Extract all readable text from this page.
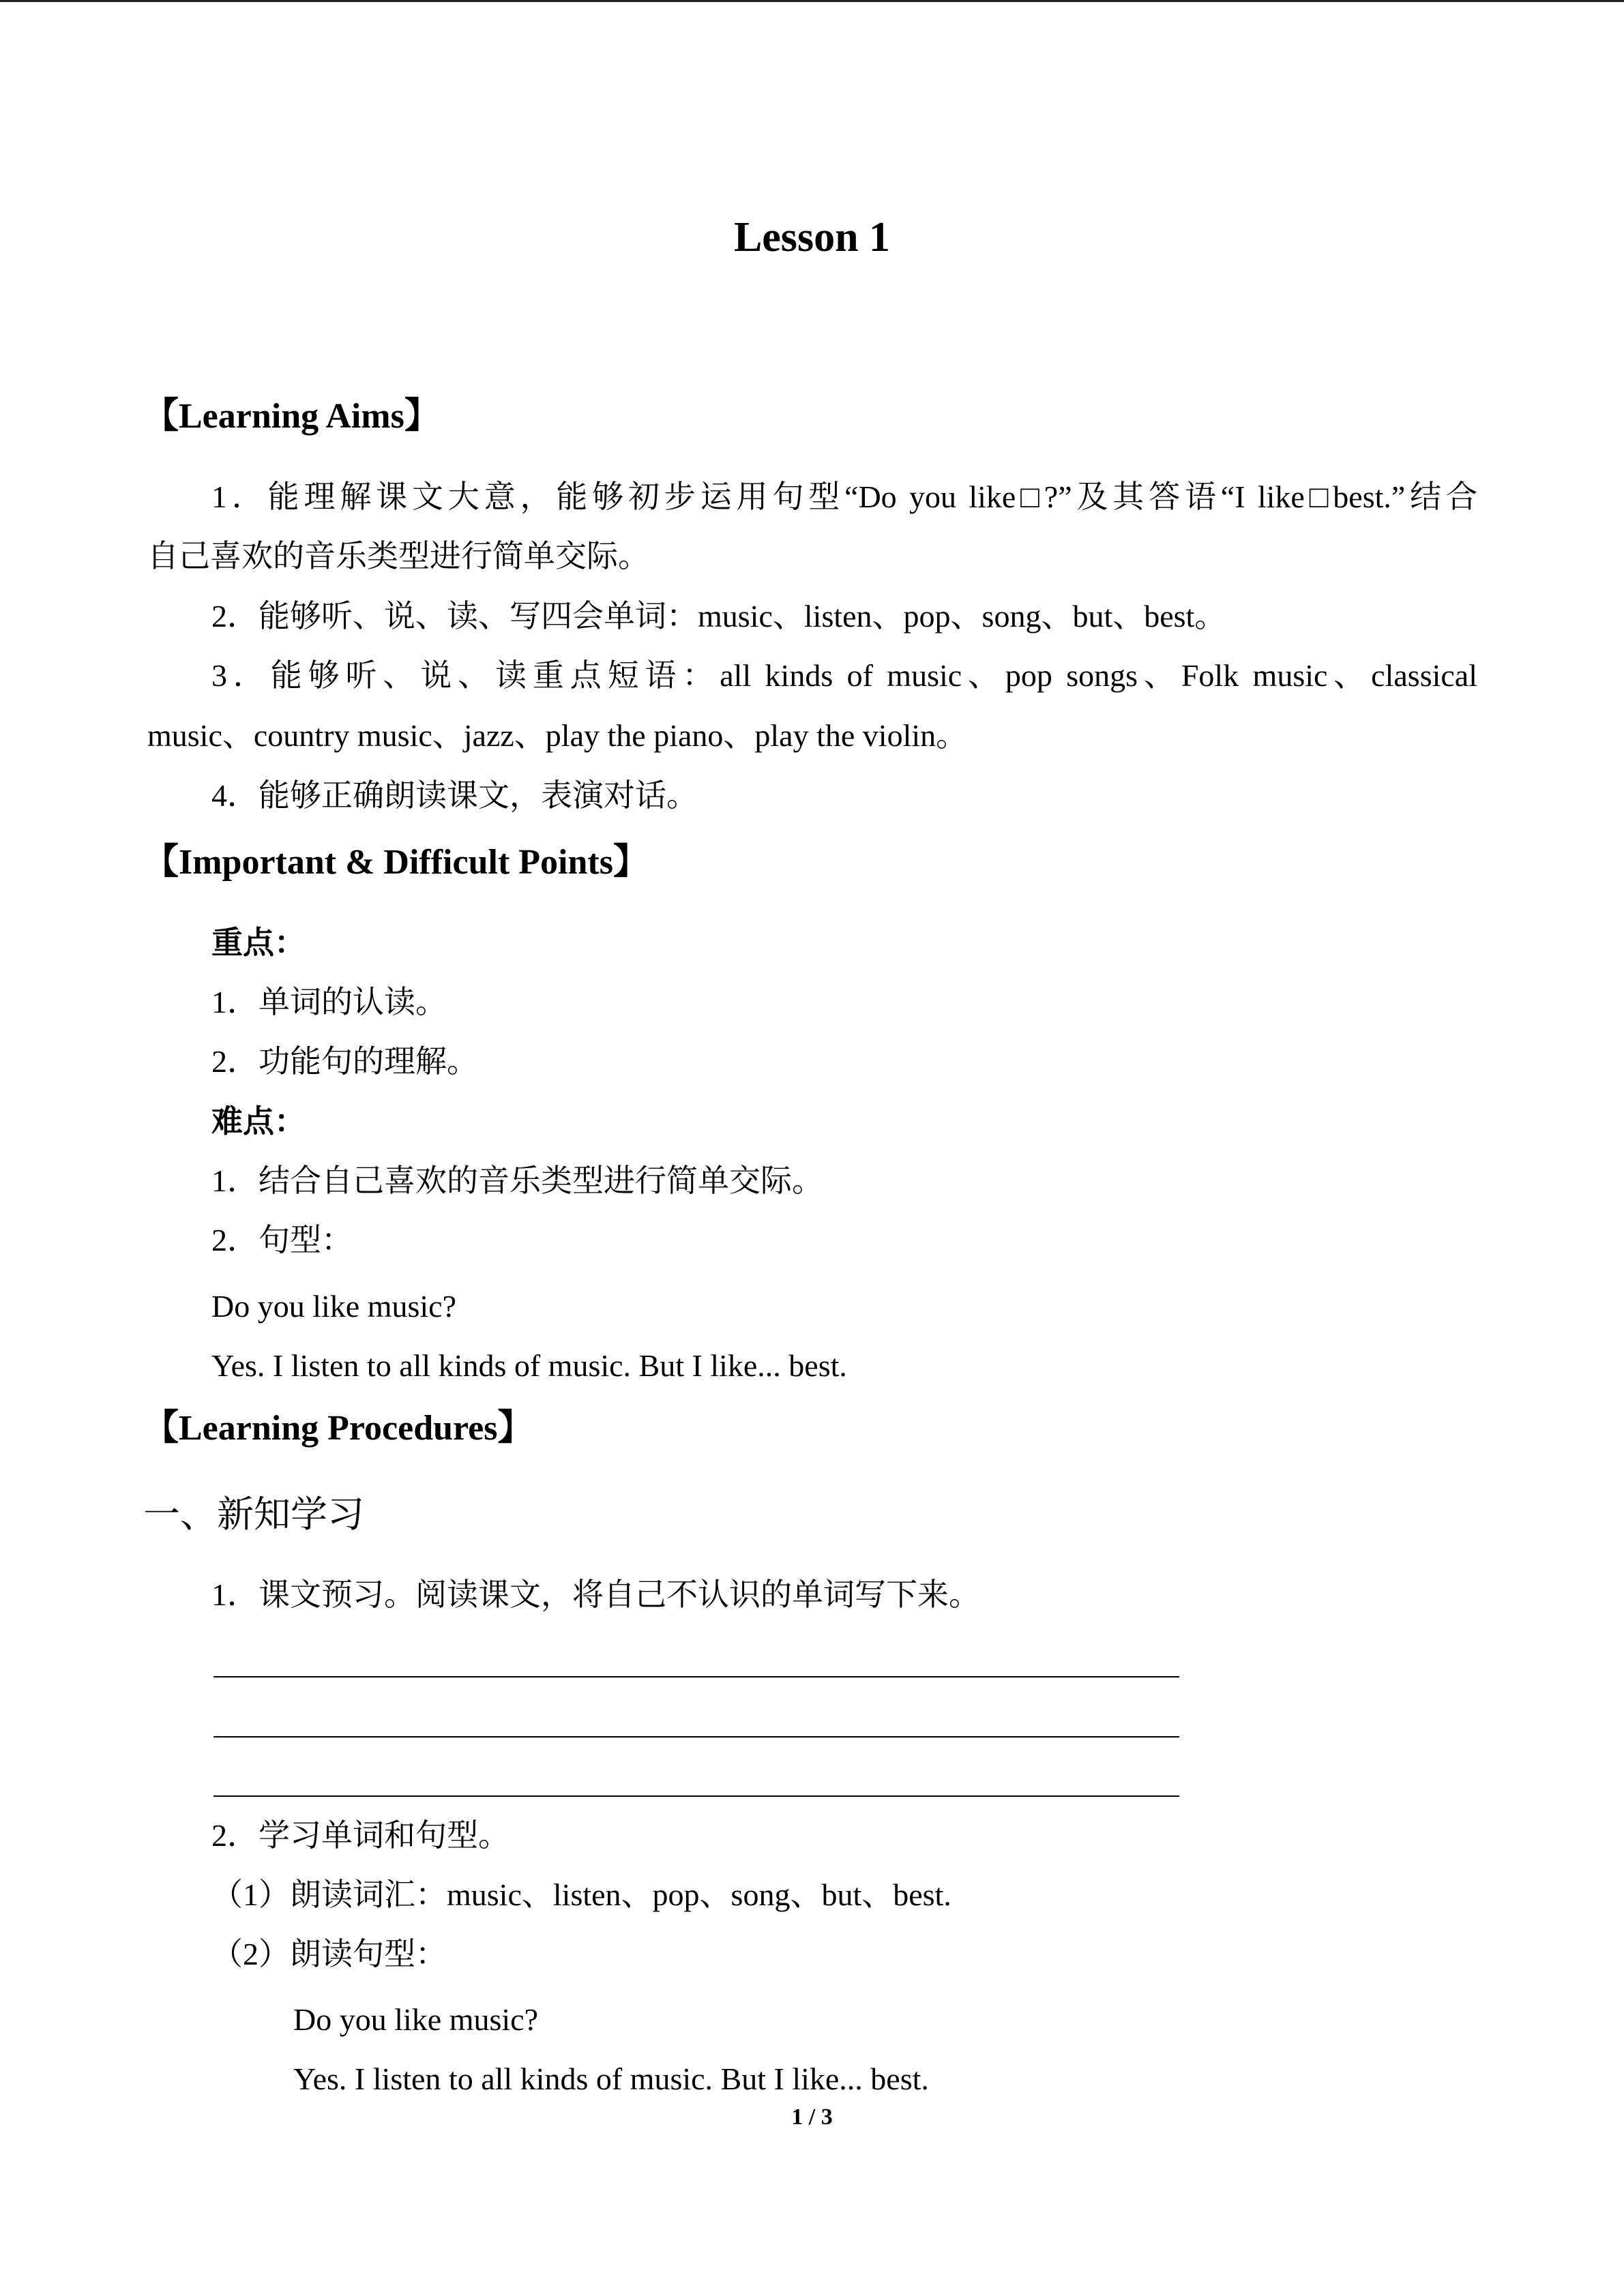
Lesson 1
【Learning Aims】
1．能理解课文大意，能够初步运用句型“Do you like□?”及其答语“I like□best.”结合
自己喜欢的音乐类型进行简单交际。
2．能够听、说、读、写四会单词：music、listen、pop、song、but、best。
3．能够听、说、读重点短语：all kinds of music、pop songs、Folk music、classical
music、country music、jazz、play the piano、play the violin。
4．能够正确朗读课文，表演对话。
【Important & Difficult Points】
重点：
1．单词的认读。
2．功能句的理解。
难点：
1．结合自己喜欢的音乐类型进行简单交际。
2．句型：
Do you like music?
Yes. I listen to all kinds of music. But I like... best.
【Learning Procedures】
一、新知学习
1．课文预习。阅读课文，将自己不认识的单词写下来。
2．学习单词和句型。
（1）朗读词汇：music、listen、pop、song、but、best.
（2）朗读句型：
Do you like music?
Yes. I listen to all kinds of music. But I like... best.
1 / 3
